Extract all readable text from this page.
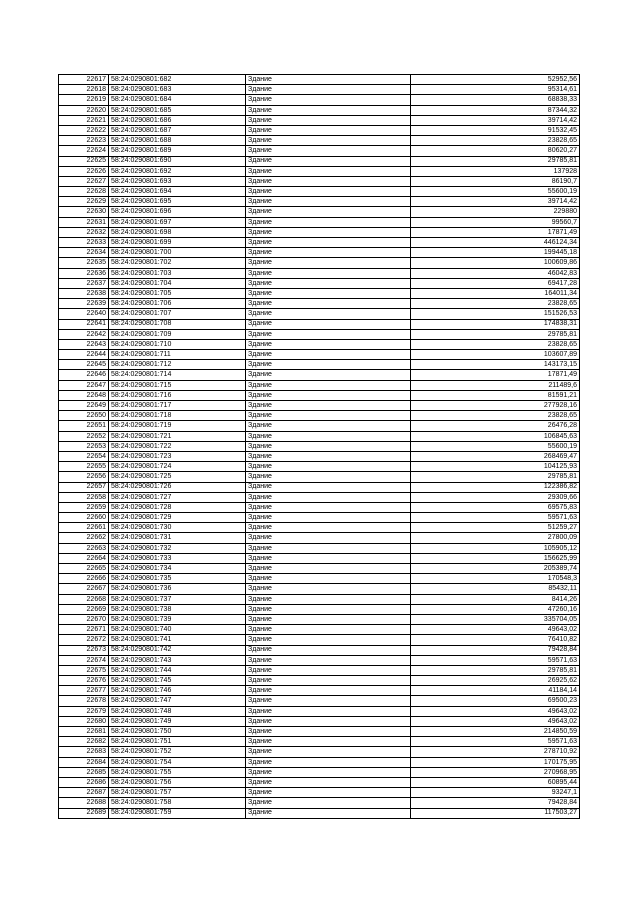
22617	58:24:0290801:682	Здание	52952,56
22618	58:24:0290801:683	Здание	95314,61
22619	58:24:0290801:684	Здание	68838,33
22620	58:24:0290801:685	Здание	87344,32
22621	58:24:0290801:686	Здание	39714,42
22622	58:24:0290801:687	Здание	91532,45
22623	58:24:0290801:688	Здание	23828,65
22624	58:24:0290801:689	Здание	80620,27
22625	58:24:0290801:690	Здание	29785,81
22626	58:24:0290801:692	Здание	137928
22627	58:24:0290801:693	Здание	86190,7
22628	58:24:0290801:694	Здание	55600,19
22629	58:24:0290801:695	Здание	39714,42
22630	58:24:0290801:696	Здание	229880
22631	58:24:0290801:697	Здание	99560,7
22632	58:24:0290801:698	Здание	17871,49
22633	58:24:0290801:699	Здание	446124,34
22634	58:24:0290801:700	Здание	199445,18
22635	58:24:0290801:702	Здание	100609,86
22636	58:24:0290801:703	Здание	46042,83
22637	58:24:0290801:704	Здание	69417,28
22638	58:24:0290801:705	Здание	164011,34
22639	58:24:0290801:706	Здание	23828,65
22640	58:24:0290801:707	Здание	151526,53
22641	58:24:0290801:708	Здание	174838,31
22642	58:24:0290801:709	Здание	29785,81
22643	58:24:0290801:710	Здание	23828,65
22644	58:24:0290801:711	Здание	103607,89
22645	58:24:0290801:712	Здание	143173,15
22646	58:24:0290801:714	Здание	17871,49
22647	58:24:0290801:715	Здание	211489,6
22648	58:24:0290801:716	Здание	81591,21
22649	58:24:0290801:717	Здание	277928,16
22650	58:24:0290801:718	Здание	23828,65
22651	58:24:0290801:719	Здание	26476,28
22652	58:24:0290801:721	Здание	106845,63
22653	58:24:0290801:722	Здание	55600,19
22654	58:24:0290801:723	Здание	268469,47
22655	58:24:0290801:724	Здание	104125,93
22656	58:24:0290801:725	Здание	29785,81
22657	58:24:0290801:726	Здание	122386,82
22658	58:24:0290801:727	Здание	29309,66
22659	58:24:0290801:728	Здание	69575,83
22660	58:24:0290801:729	Здание	59571,63
22661	58:24:0290801:730	Здание	51259,27
22662	58:24:0290801:731	Здание	27800,09
22663	58:24:0290801:732	Здание	105905,12
22664	58:24:0290801:733	Здание	156625,99
22665	58:24:0290801:734	Здание	205389,74
22666	58:24:0290801:735	Здание	170548,3
22667	58:24:0290801:736	Здание	85432,11
22668	58:24:0290801:737	Здание	8414,26
22669	58:24:0290801:738	Здание	47260,16
22670	58:24:0290801:739	Здание	335704,05
22671	58:24:0290801:740	Здание	49643,02
22672	58:24:0290801:741	Здание	76410,82
22673	58:24:0290801:742	Здание	79428,84
22674	58:24:0290801:743	Здание	59571,63
22675	58:24:0290801:744	Здание	29785,81
22676	58:24:0290801:745	Здание	26925,62
22677	58:24:0290801:746	Здание	41184,14
22678	58:24:0290801:747	Здание	69500,23
22679	58:24:0290801:748	Здание	49643,02
22680	58:24:0290801:749	Здание	49643,02
22681	58:24:0290801:750	Здание	214850,59
22682	58:24:0290801:751	Здание	59571,63
22683	58:24:0290801:752	Здание	278710,92
22684	58:24:0290801:754	Здание	170175,95
22685	58:24:0290801:755	Здание	270968,95
22686	58:24:0290801:756	Здание	60895,44
22687	58:24:0290801:757	Здание	93247,1
22688	58:24:0290801:758	Здание	79428,84
22689	58:24:0290801:759	Здание	117503,27
